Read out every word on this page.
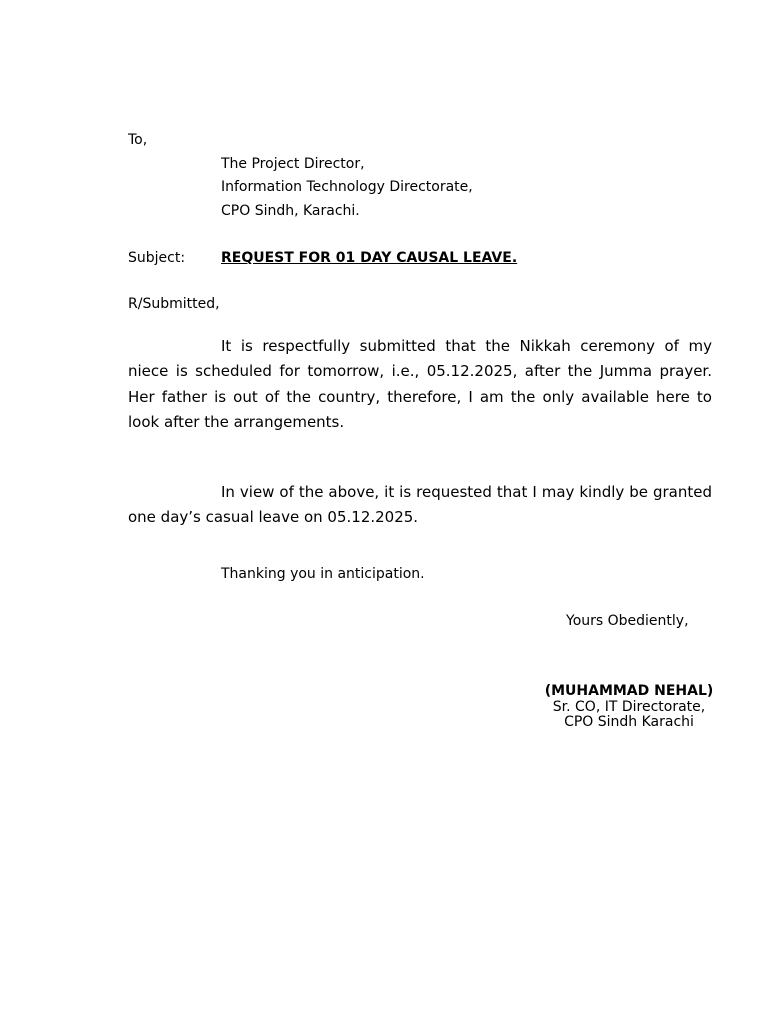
To,
The Project Director,
Information Technology Directorate,
CPO Sindh, Karachi.
Subject:	REQUEST FOR 01 DAY CAUSAL LEAVE.
R/Submitted,
It is respectfully submitted that the Nikkah ceremony of my niece is scheduled for tomorrow, i.e., 05.12.2025, after the Jumma prayer. Her father is out of the country, therefore, I am the only available here to look after the arrangements.
In view of the above, it is requested that I may kindly be granted one day’s casual leave on 05.12.2025.
Thanking you in anticipation.
Yours Obediently,
(MUHAMMAD NEHAL)
Sr. CO, IT Directorate,
CPO Sindh Karachi
